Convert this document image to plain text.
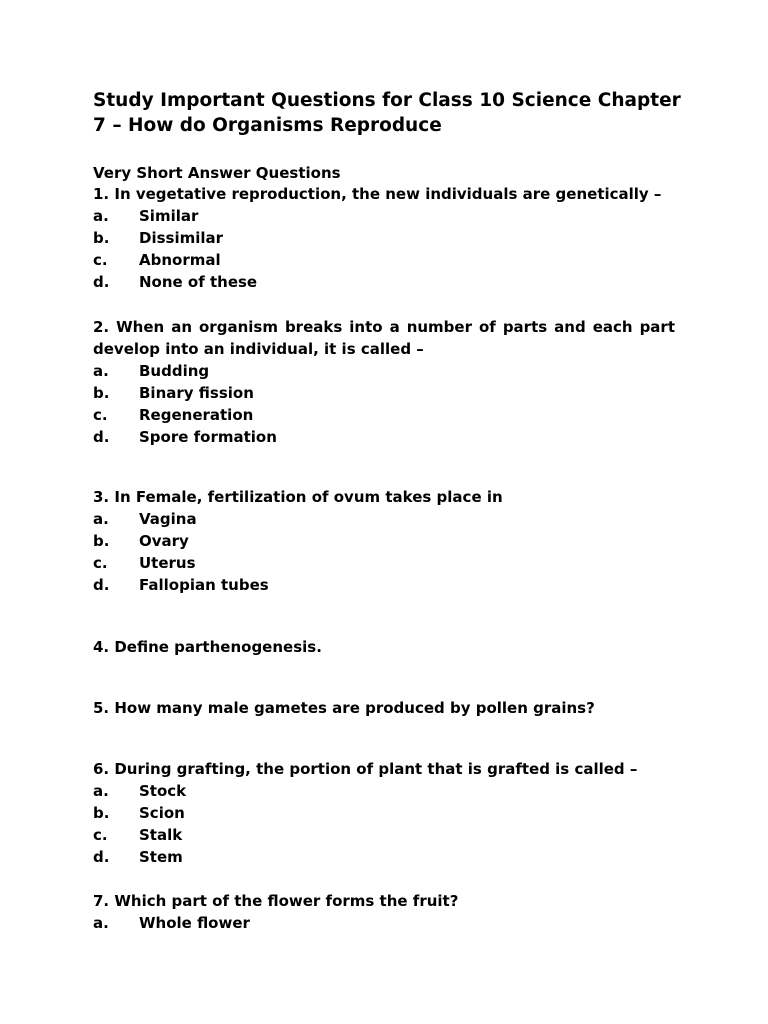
Study Important Questions for Class 10 Science Chapter 7 – How do Organisms Reproduce

Very Short Answer Questions

1. In vegetative reproduction, the new individuals are genetically –

a.	Similar
b.	Dissimilar
c.	Abnormal
d.	None of these

2. When an organism breaks into a number of parts and each part develop into an individual, it is called –

a.	Budding
b.	Binary fission
c.	Regeneration
d.	Spore formation

3. In Female, fertilization of ovum takes place in

a.	Vagina
b.	Ovary
c.	Uterus
d.	Fallopian tubes

4. Define parthenogenesis.

5. How many male gametes are produced by pollen grains?

6. During grafting, the portion of plant that is grafted is called –

a.	Stock
b.	Scion
c.	Stalk
d.	Stem

7. Which part of the flower forms the fruit?

a.	Whole flower
